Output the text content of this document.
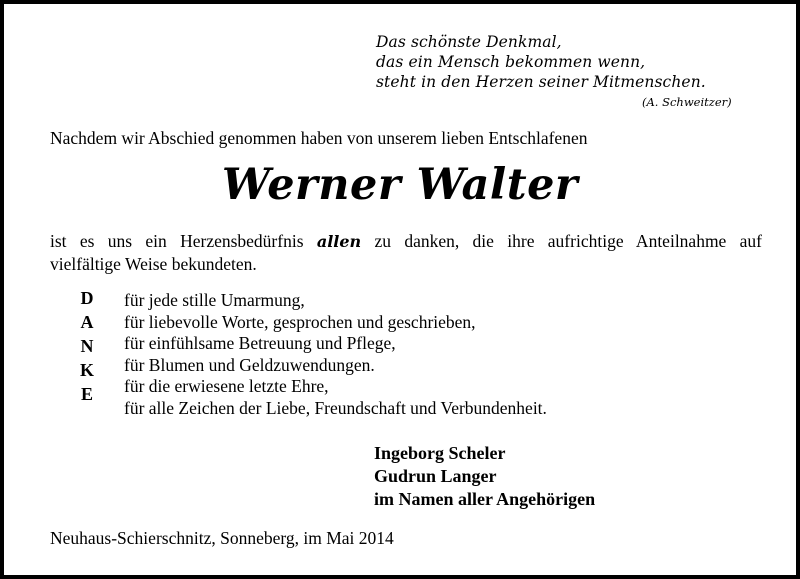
Das schönste Denkmal,
das ein Mensch bekommen wenn,
steht in den Herzen seiner Mitmenschen.
(A. Schweitzer)
Nachdem wir Abschied genommen haben von unserem lieben Entschlafenen
Werner Walter
ist es uns ein Herzensbedürfnis allen zu danken, die ihre aufrichtige Anteilnahme auf
vielfältige Weise bekundeten.
D
A
N
K
E
für jede stille Umarmung,
für liebevolle Worte, gesprochen und geschrieben,
für einfühlsame Betreuung und Pflege,
für Blumen und Geldzuwendungen.
für die erwiesene letzte Ehre,
für alle Zeichen der Liebe, Freundschaft und Verbundenheit.
Ingeborg Scheler
Gudrun Langer
im Namen aller Angehörigen
Neuhaus-Schierschnitz, Sonneberg, im Mai 2014
